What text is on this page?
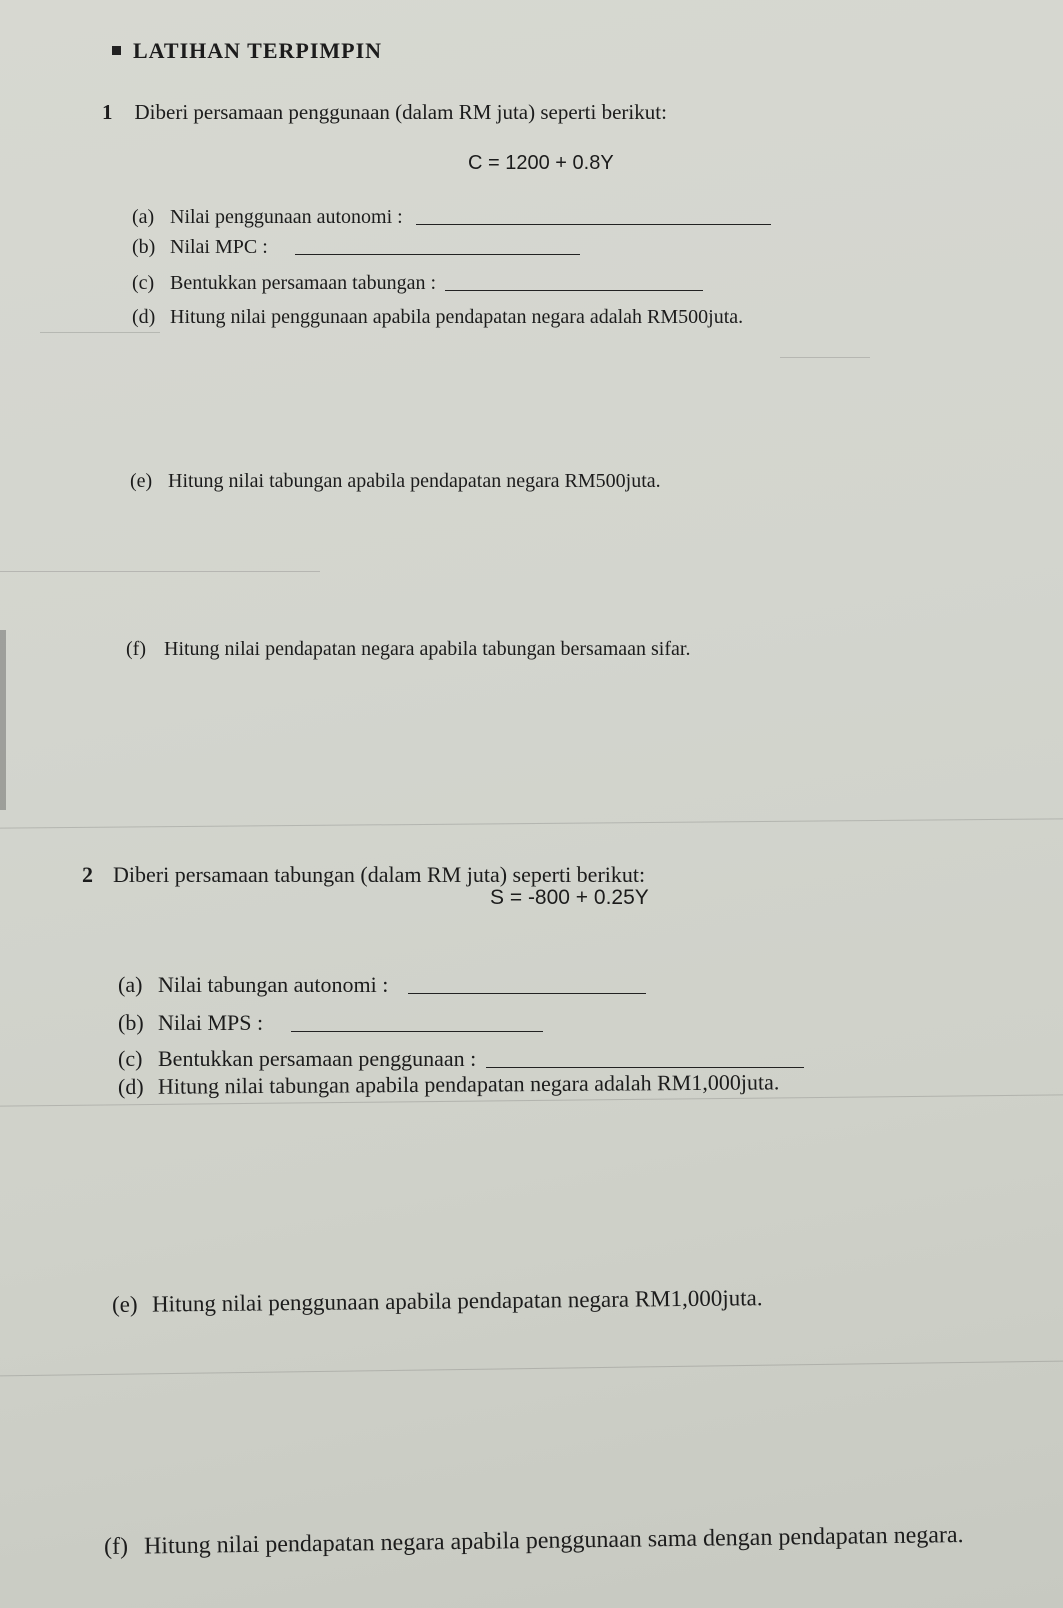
LATIHAN TERPIMPIN
1 Diberi persamaan penggunaan (dalam RM juta) seperti berikut:
C = 1200 + 0.8Y
(a) Nilai penggunaan autonomi :
(b) Nilai MPC :
(c) Bentukkan persamaan tabungan :
(d) Hitung nilai penggunaan apabila pendapatan negara adalah RM500juta.
(e) Hitung nilai tabungan apabila pendapatan negara RM500juta.
(f) Hitung nilai pendapatan negara apabila tabungan bersamaan sifar.
2 Diberi persamaan tabungan (dalam RM juta) seperti berikut:
S = -800 + 0.25Y
(a) Nilai tabungan autonomi :
(b) Nilai MPS :
(c) Bentukkan persamaan penggunaan :
(d) Hitung nilai tabungan apabila pendapatan negara adalah RM1,000juta.
(e) Hitung nilai penggunaan apabila pendapatan negara RM1,000juta.
(f) Hitung nilai pendapatan negara apabila penggunaan sama dengan pendapatan negara.
